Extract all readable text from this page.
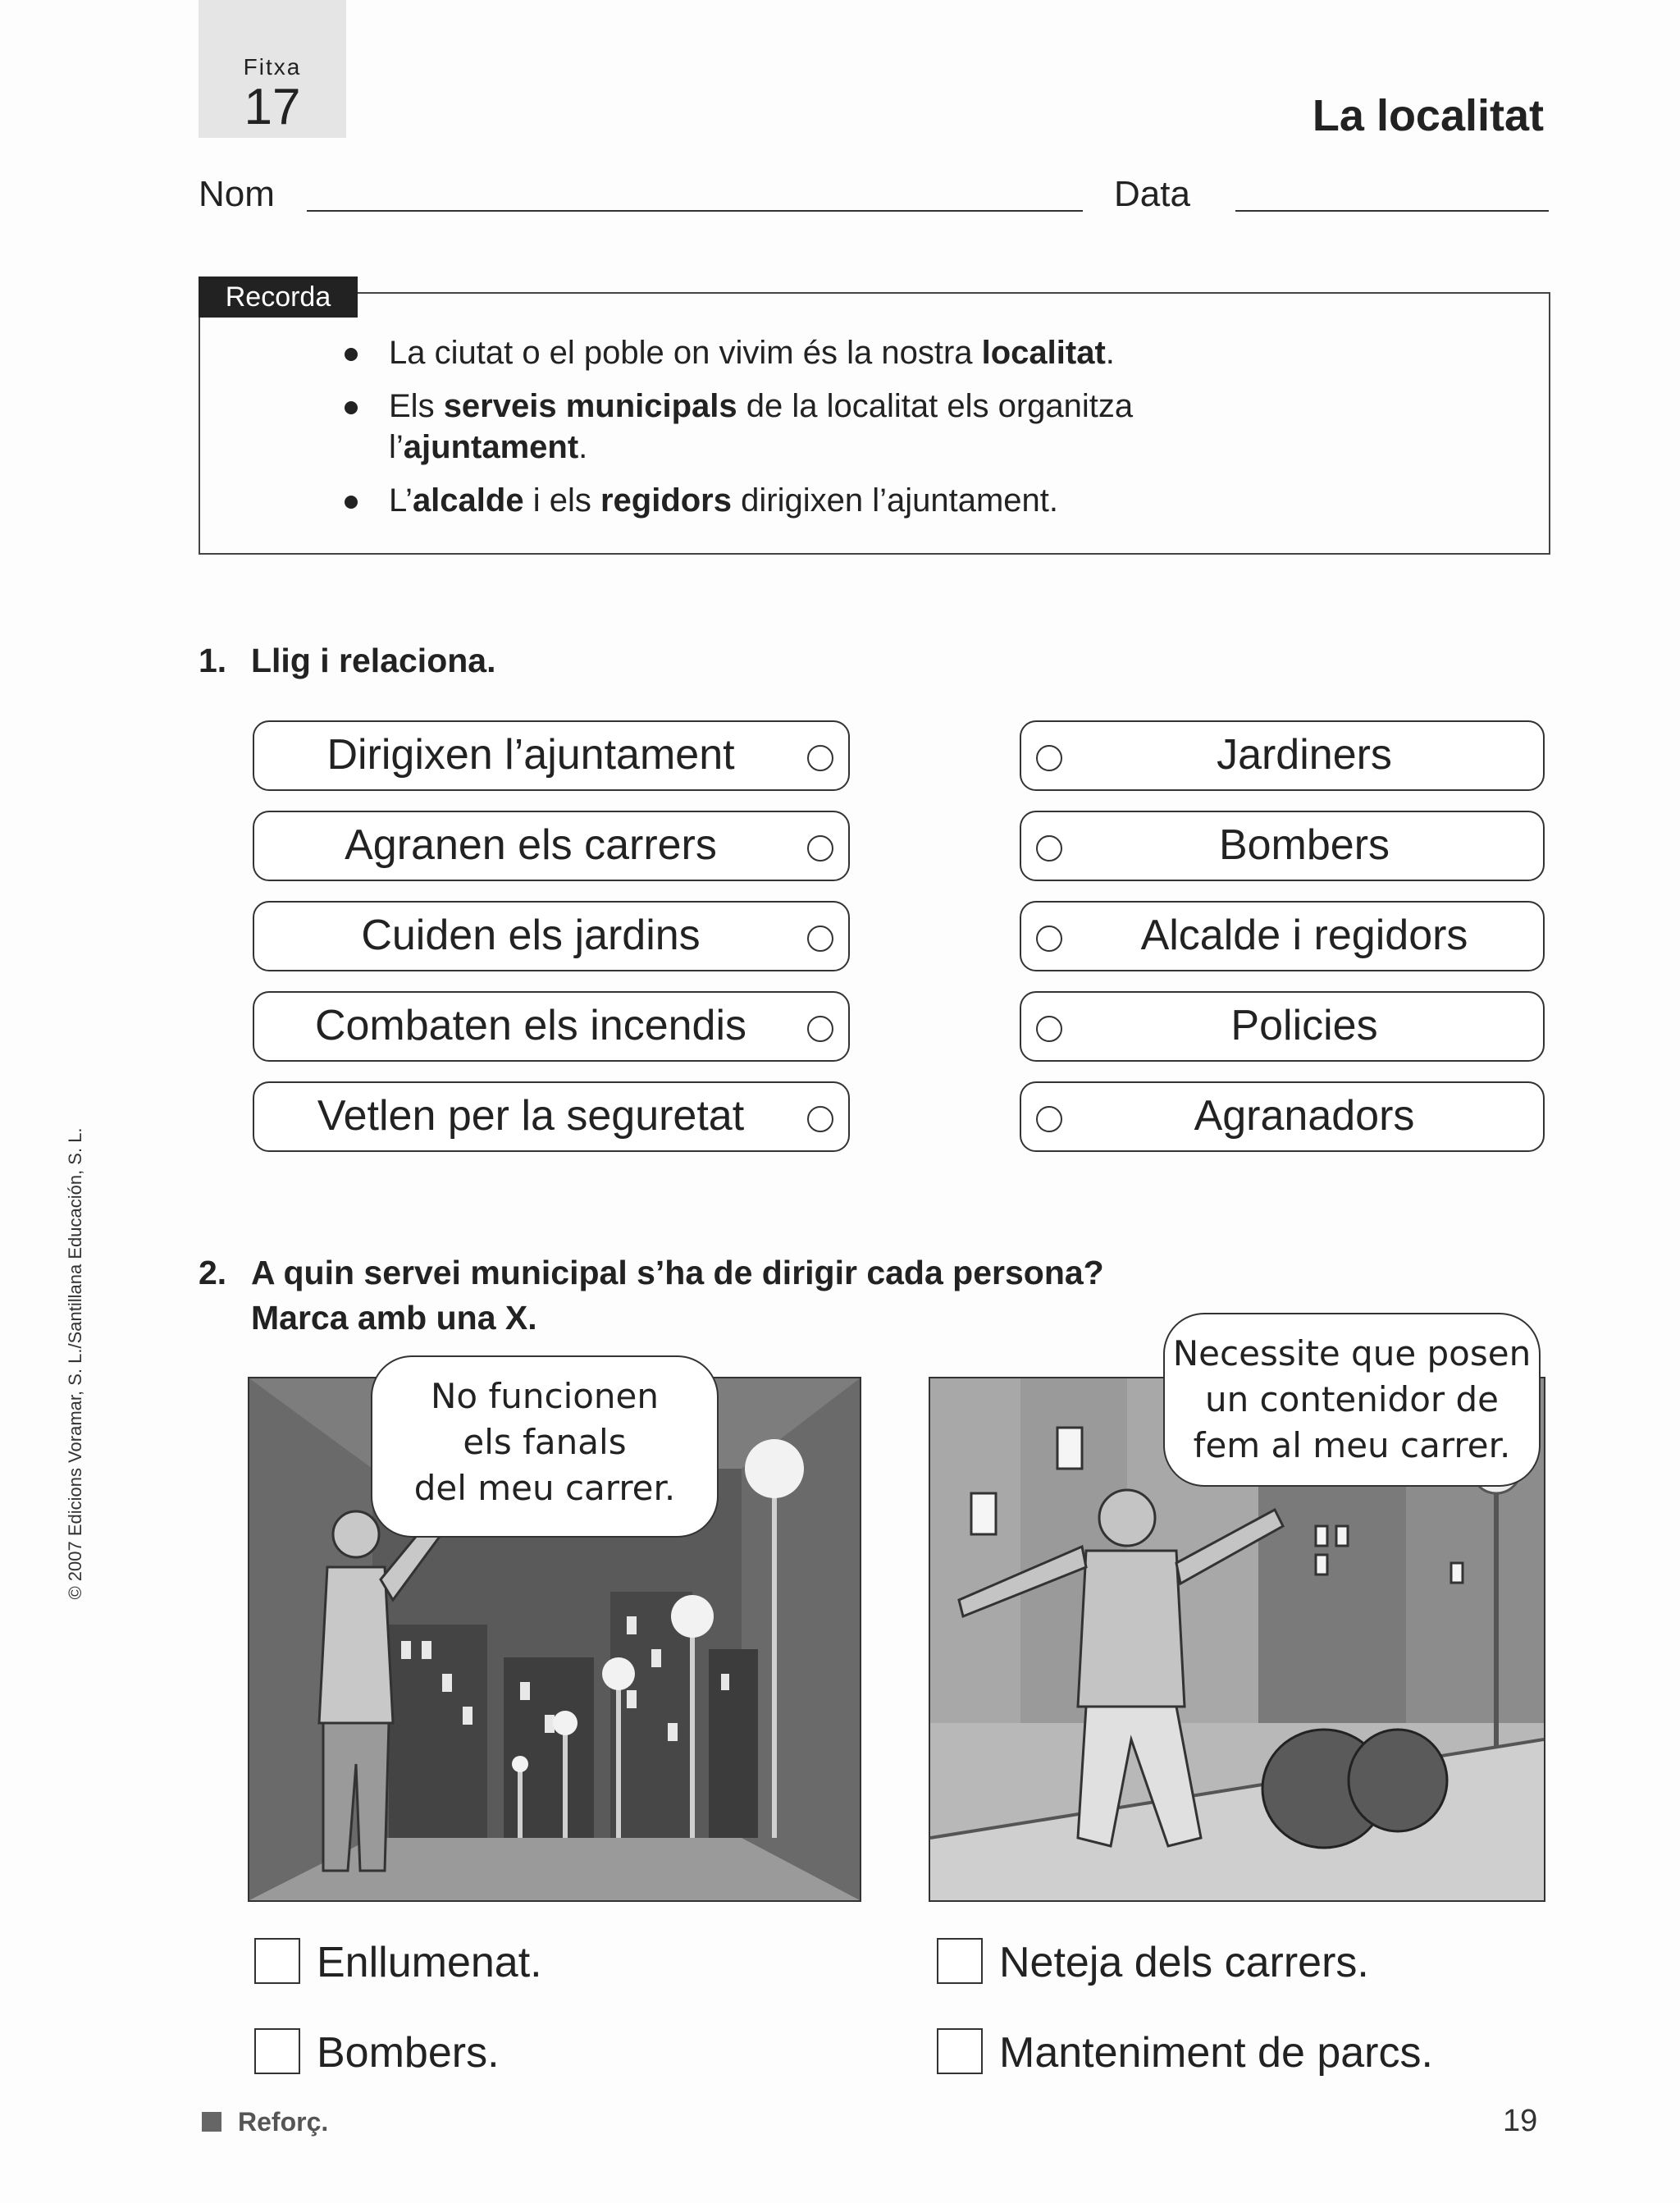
Fitxa
17	La localitat
Nom	Data
Recorda
La ciutat o el poble on vivim és la nostra localitat.
Els serveis municipals de la localitat els organitza
l’ajuntament.
L’alcalde i els regidors dirigixen l’ajuntament.
1. Llig i relaciona.
Dirigixen l’ajuntament
Agranen els carrers
Cuiden els jardins
Combaten els incendis
Vetlen per la seguretat
Jardiners
Bombers
Alcalde i regidors
Policies
Agranadors
2. A quin servei municipal s’ha de dirigir cada persona?
Marca amb una X.
No funcionen
els fanals
del meu carrer.
Necessite que posen
un contenidor de
fem al meu carrer.
Enllumenat.
Bombers.
Neteja dels carrers.
Manteniment de parcs.
© 2007 Edicions Voramar, S. L./Santillana Educación, S. L.
Reforç.	19
